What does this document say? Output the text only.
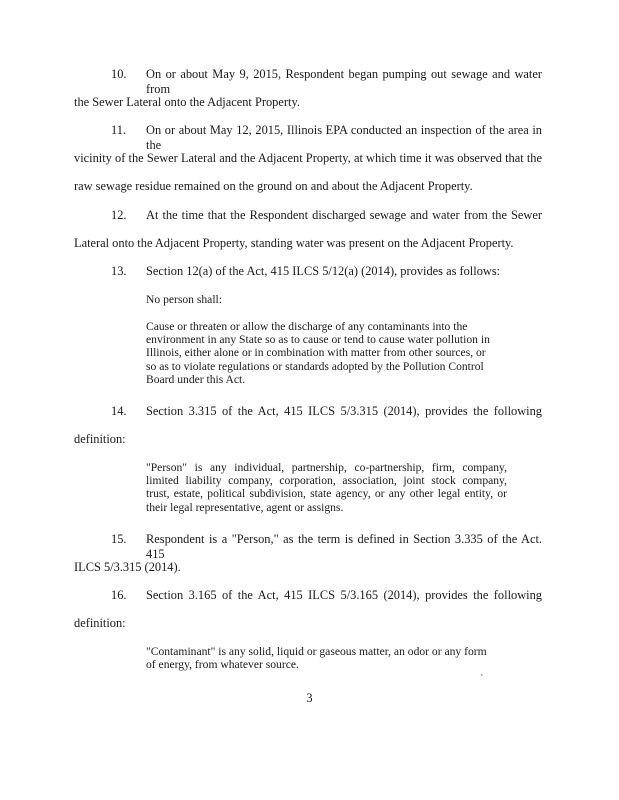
10. On or about May 9, 2015, Respondent began pumping out sewage and water from
the Sewer Lateral onto the Adjacent Property.
11. On or about May 12, 2015, Illinois EPA conducted an inspection of the area in the
vicinity of the Sewer Lateral and the Adjacent Property, at which time it was observed that the
raw sewage residue remained on the ground on and about the Adjacent Property.
12. At the time that the Respondent discharged sewage and water from the Sewer
Lateral onto the Adjacent Property, standing water was present on the Adjacent Property.
13. Section 12(a) of the Act, 415 ILCS 5/12(a) (2014), provides as follows:
No person shall:
Cause or threaten or allow the discharge of any contaminants into the
environment in any State so as to cause or tend to cause water pollution in
Illinois, either alone or in combination with matter from other sources, or
so as to violate regulations or standards adopted by the Pollution Control
Board under this Act.
14. Section 3.315 of the Act, 415 ILCS 5/3.315 (2014), provides the following
definition:
"Person" is any individual, partnership, co-partnership, firm, company,
limited liability company, corporation, association, joint stock company,
trust, estate, political subdivision, state agency, or any other legal entity, or
their legal representative, agent or assigns.
15. Respondent is a "Person," as the term is defined in Section 3.335 of the Act. 415
ILCS 5/3.315 (2014).
16. Section 3.165 of the Act, 415 ILCS 5/3.165 (2014), provides the following
definition:
"Contaminant" is any solid, liquid or gaseous matter, an odor or any form
of energy, from whatever source.
`
3
